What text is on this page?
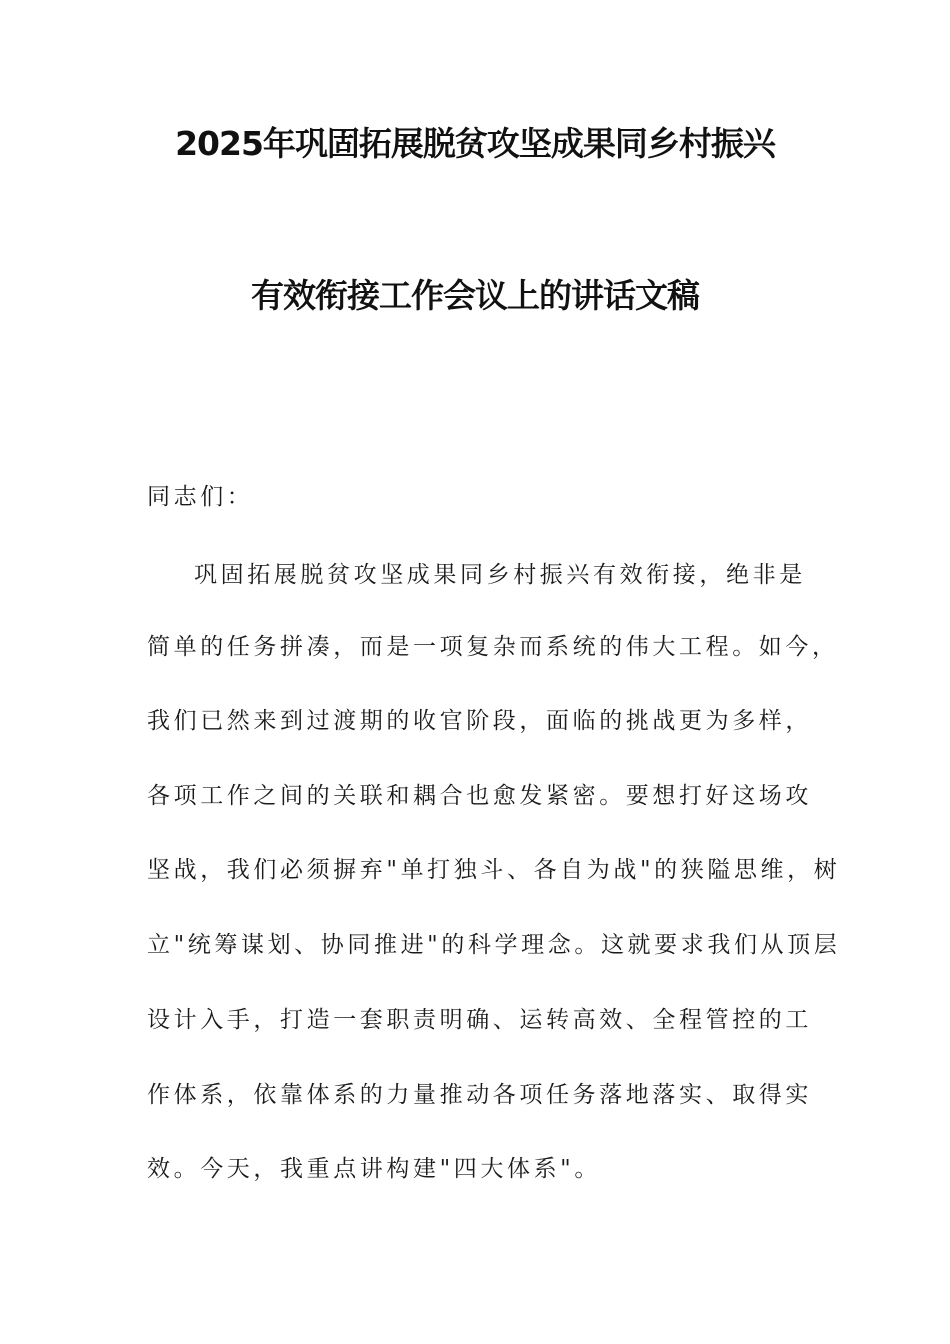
2025年巩固拓展脱贫攻坚成果同乡村振兴
有效衔接工作会议上的讲话文稿
同志们：
巩固拓展脱贫攻坚成果同乡村振兴有效衔接，绝非是
简单的任务拼凑，而是一项复杂而系统的伟大工程。如今，
我们已然来到过渡期的收官阶段，面临的挑战更为多样，
各项工作之间的关联和耦合也愈发紧密。要想打好这场攻
坚战，我们必须摒弃"单打独斗、各自为战"的狭隘思维，树
立"统筹谋划、协同推进"的科学理念。这就要求我们从顶层
设计入手，打造一套职责明确、运转高效、全程管控的工
作体系，依靠体系的力量推动各项任务落地落实、取得实
效。今天，我重点讲构建"四大体系"。
